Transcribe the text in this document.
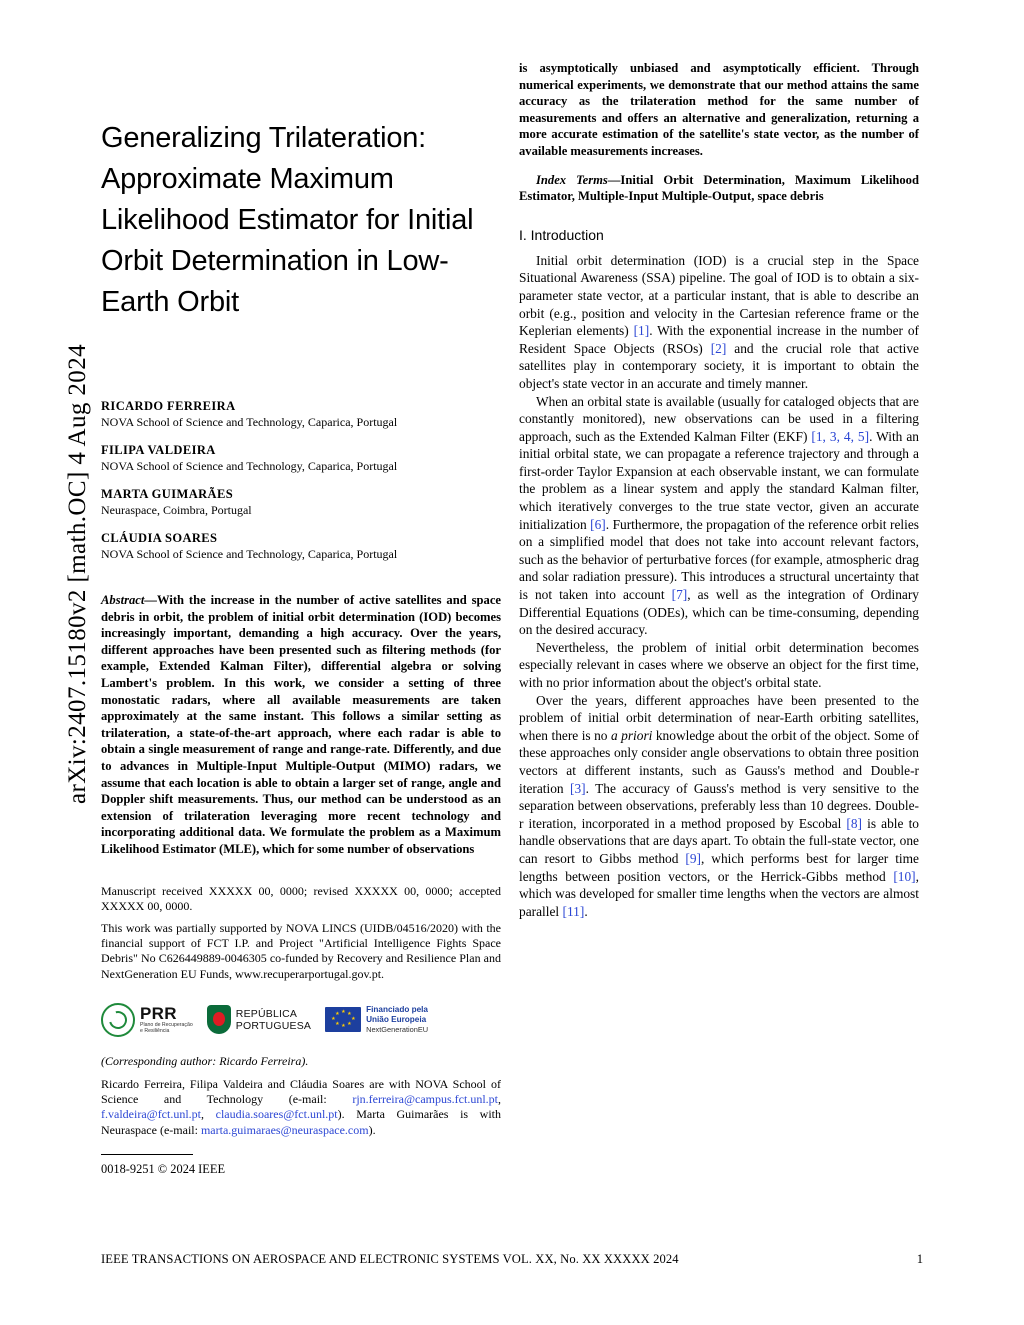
arXiv:2407.15180v2 [math.OC] 4 Aug 2024
Generalizing Trilateration: Approximate Maximum Likelihood Estimator for Initial Orbit Determination in Low-Earth Orbit

RICARDO FERREIRA

NOVA School of Science and Technology, Caparica, Portugal

FILIPA VALDEIRA

NOVA School of Science and Technology, Caparica, Portugal

MARTA GUIMARÃES

Neuraspace, Coimbra, Portugal

CLÁUDIA SOARES

NOVA School of Science and Technology, Caparica, Portugal

Abstract—With the increase in the number of active satellites and space debris in orbit, the problem of initial orbit determination (IOD) becomes increasingly important, demanding a high accuracy. Over the years, different approaches have been presented such as filtering methods (for example, Extended Kalman Filter), differential algebra or solving Lambert's problem. In this work, we consider a setting of three monostatic radars, where all available measurements are taken approximately at the same instant. This follows a similar setting as trilateration, a state-of-the-art approach, where each radar is able to obtain a single measurement of range and range-rate. Differently, and due to advances in Multiple-Input Multiple-Output (MIMO) radars, we assume that each location is able to obtain a larger set of range, angle and Doppler shift measurements. Thus, our method can be understood as an extension of trilateration leveraging more recent technology and incorporating additional data. We formulate the problem as a Maximum Likelihood Estimator (MLE), which for some number of observations

Manuscript received XXXXX 00, 0000; revised XXXXX 00, 0000; accepted XXXXX 00, 0000.

This work was partially supported by NOVA LINCS (UIDB/04516/2020) with the financial support of FCT I.P. and Project "Artificial Intelligence Fights Space Debris" No C626449889-0046305 co-funded by Recovery and Resilience Plan and NextGeneration EU Funds, www.recuperarportugal.gov.pt.

PRR
Plano de Recuperação
e Resiliência
REPÚBLICA
PORTUGUESA
★ ★
★
★
★
★
★
★
Financiado pela
União Europeia
NextGenerationEU

(Corresponding author: Ricardo Ferreira).

Ricardo Ferreira, Filipa Valdeira and Cláudia Soares are with NOVA School of Science and Technology (e-mail: rjn.ferreira@campus.fct.unl.pt, f.valdeira@fct.unl.pt, claudia.soares@fct.unl.pt). Marta Guimarães is with Neuraspace (e-mail: marta.guimaraes@neuraspace.com).

0018-9251 © 2024 IEEE

is asymptotically unbiased and asymptotically efficient. Through numerical experiments, we demonstrate that our method attains the same accuracy as the trilateration method for the same number of measurements and offers an alternative and generalization, returning a more accurate estimation of the satellite's state vector, as the number of available measurements increases.

Index Terms—Initial Orbit Determination, Maximum Likelihood Estimator, Multiple-Input Multiple-Output, space debris

I. Introduction

Initial orbit determination (IOD) is a crucial step in the Space Situational Awareness (SSA) pipeline. The goal of IOD is to obtain a six-parameter state vector, at a particular instant, that is able to describe an orbit (e.g., position and velocity in the Cartesian reference frame or the Keplerian elements) [1]. With the exponential increase in the number of Resident Space Objects (RSOs) [2] and the crucial role that active satellites play in contemporary society, it is important to obtain the object's state vector in an accurate and timely manner.

When an orbital state is available (usually for cataloged objects that are constantly monitored), new observations can be used in a filtering approach, such as the Extended Kalman Filter (EKF) [1, 3, 4, 5]. With an initial orbital state, we can propagate a reference trajectory and through a first-order Taylor Expansion at each observable instant, we can formulate the problem as a linear system and apply the standard Kalman filter, which iteratively converges to the true state vector, given an accurate initialization [6]. Furthermore, the propagation of the reference orbit relies on a simplified model that does not take into account relevant factors, such as the behavior of perturbative forces (for example, atmospheric drag and solar radiation pressure). This introduces a structural uncertainty that is not taken into account [7], as well as the integration of Ordinary Differential Equations (ODEs), which can be time-consuming, depending on the desired accuracy.

Nevertheless, the problem of initial orbit determination becomes especially relevant in cases where we observe an object for the first time, with no prior information about the object's orbital state.

Over the years, different approaches have been presented to the problem of initial orbit determination of near-Earth orbiting satellites, when there is no a priori knowledge about the orbit of the object. Some of these approaches only consider angle observations to obtain three position vectors at different instants, such as Gauss's method and Double-r iteration [3]. The accuracy of Gauss's method is very sensitive to the separation between observations, preferably less than 10 degrees. Double-r iteration, incorporated in a method proposed by Escobal [8] is able to handle observations that are days apart. To obtain the full-state vector, one can resort to Gibbs method [9], which performs best for larger time lengths between position vectors, or the Herrick-Gibbs method [10], which was developed for smaller time lengths when the vectors are almost parallel [11].

IEEE TRANSACTIONS ON AEROSPACE AND ELECTRONIC SYSTEMS VOL. XX, No. XX XXXXX 2024	1
